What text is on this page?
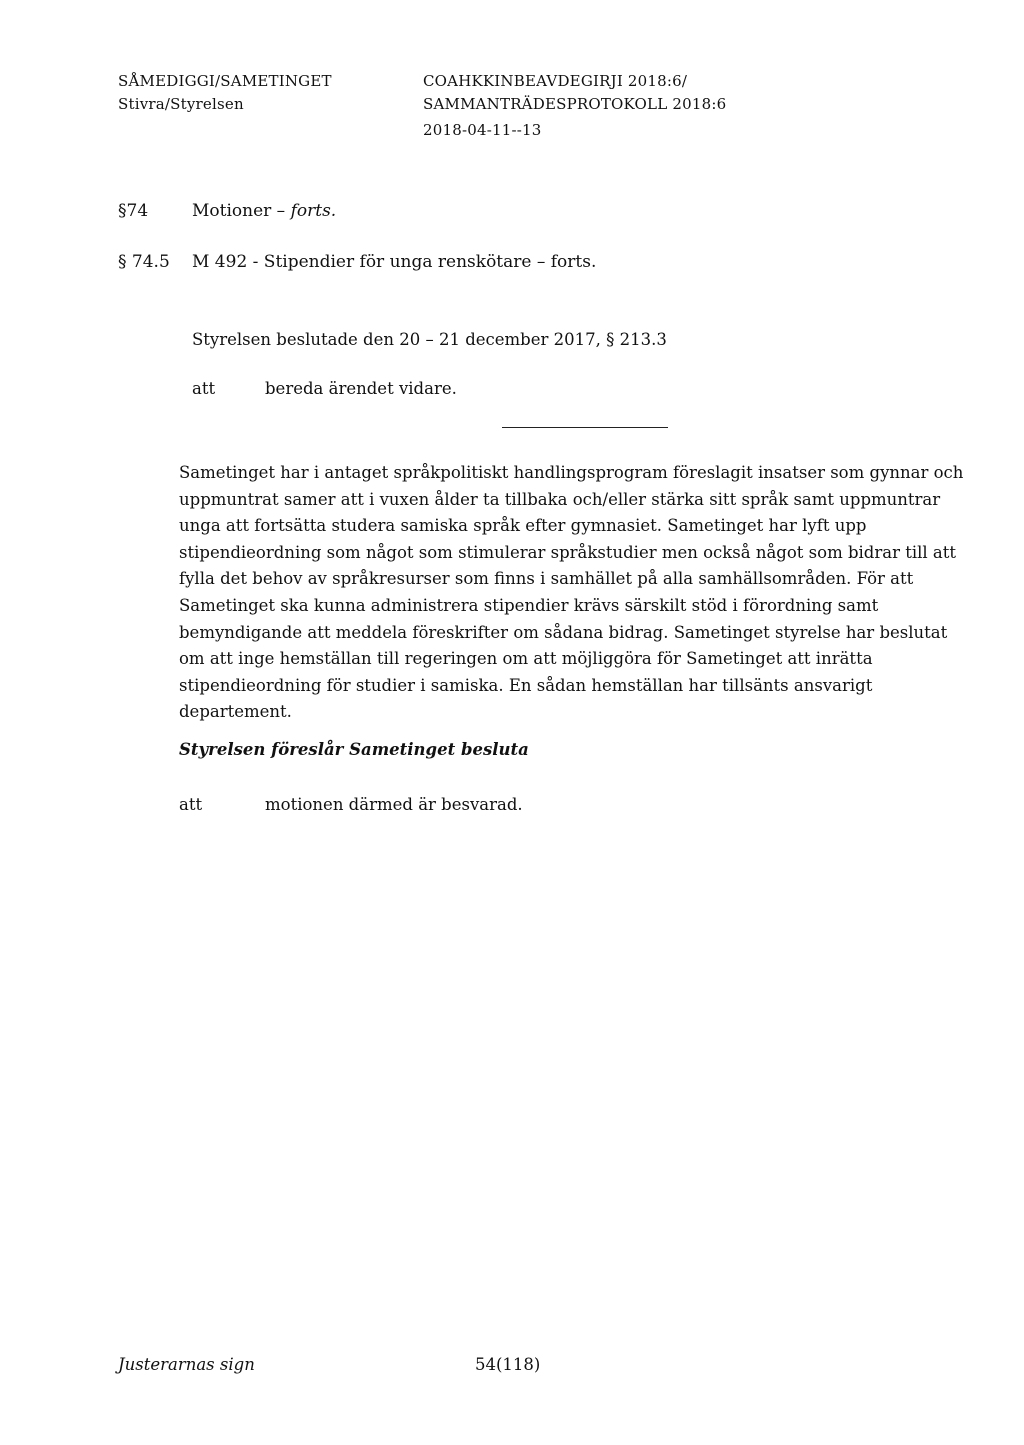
SÅMEDIGGI/SAMETINGET
Stivra/Styrelsen
COAHKKINBEAVDEGIRJI 2018:6/
SAMMANTRÄDESPROTOKOLL 2018:6
2018-04-11--13
§74	Motioner – forts.
§ 74.5 M 492 - Stipendier för unga renskötare – forts.
Styrelsen beslutade den 20 – 21 december 2017, § 213.3
att	bereda ärendet vidare.
Sametinget har i antaget språkpolitiskt handlingsprogram föreslagit insatser som gynnar och
uppmuntrat samer att i vuxen ålder ta tillbaka och/eller stärka sitt språk samt uppmuntrar
unga att fortsätta studera samiska språk efter gymnasiet. Sametinget har lyft upp
stipendieordning som något som stimulerar språkstudier men också något som bidrar till att
fylla det behov av språkresurser som finns i samhället på alla samhällsområden. För att
Sametinget ska kunna administrera stipendier krävs särskilt stöd i förordning samt
bemyndigande att meddela föreskrifter om sådana bidrag. Sametinget styrelse har beslutat
om att inge hemställan till regeringen om att möjliggöra för Sametinget att inrätta
stipendieordning för studier i samiska. En sådan hemställan har tillsänts ansvarigt
departement.
Styrelsen föreslår Sametinget besluta
att	motionen därmed är besvarad.
Justerarnas sign	54(118)
